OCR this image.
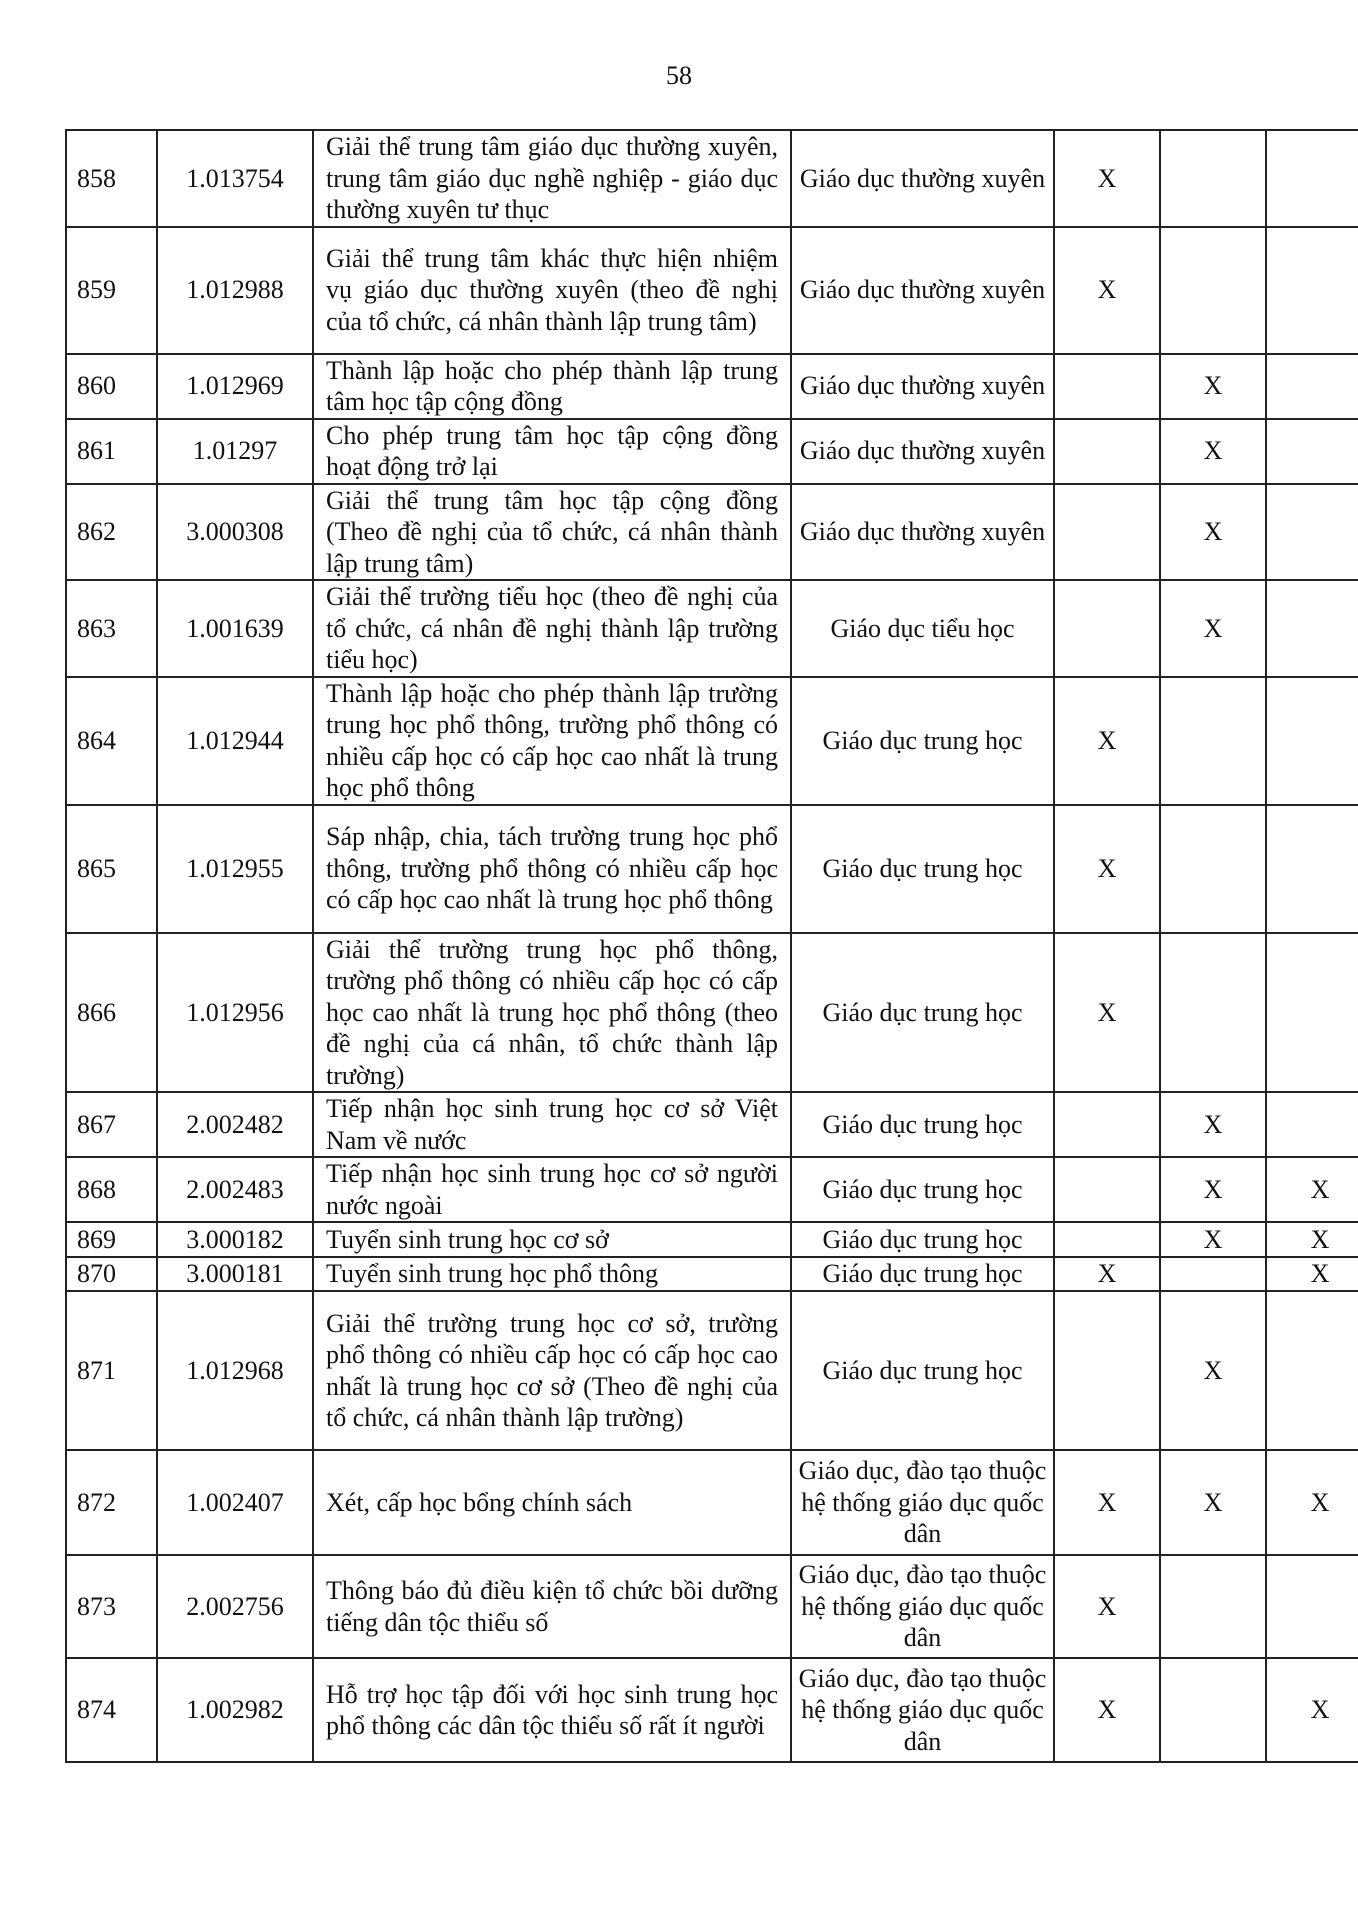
58
858	1.013754	Giải thể trung tâm giáo dục thường xuyên, trung tâm giáo dục nghề nghiệp - giáo dục thường xuyên tư thục	Giáo dục thường xuyên	X		
859	1.012988	Giải thể trung tâm khác thực hiện nhiệm vụ giáo dục thường xuyên (theo đề nghị của tổ chức, cá nhân thành lập trung tâm)	Giáo dục thường xuyên	X		
860	1.012969	Thành lập hoặc cho phép thành lập trung tâm học tập cộng đồng	Giáo dục thường xuyên		X	
861	1.01297	Cho phép trung tâm học tập cộng đồng hoạt động trở lại	Giáo dục thường xuyên		X	
862	3.000308	Giải thể trung tâm học tập cộng đồng (Theo đề nghị của tổ chức, cá nhân thành lập trung tâm)	Giáo dục thường xuyên		X	
863	1.001639	Giải thể trường tiểu học (theo đề nghị của tổ chức, cá nhân đề nghị thành lập trường tiểu học)	Giáo dục tiểu học		X	
864	1.012944	Thành lập hoặc cho phép thành lập trường trung học phổ thông, trường phổ thông có nhiều cấp học có cấp học cao nhất là trung học phổ thông	Giáo dục trung học	X		
865	1.012955	Sáp nhập, chia, tách trường trung học phổ thông, trường phổ thông có nhiều cấp học có cấp học cao nhất là trung học phổ thông	Giáo dục trung học	X		
866	1.012956	Giải thể trường trung học phổ thông, trường phổ thông có nhiều cấp học có cấp học cao nhất là trung học phổ thông (theo đề nghị của cá nhân, tổ chức thành lập trường)	Giáo dục trung học	X		
867	2.002482	Tiếp nhận học sinh trung học cơ sở Việt Nam về nước	Giáo dục trung học		X	
868	2.002483	Tiếp nhận học sinh trung học cơ sở người nước ngoài	Giáo dục trung học		X	X
869	3.000182	Tuyển sinh trung học cơ sở	Giáo dục trung học		X	X
870	3.000181	Tuyển sinh trung học phổ thông	Giáo dục trung học	X		X
871	1.012968	Giải thể trường trung học cơ sở, trường phổ thông có nhiều cấp học có cấp học cao nhất là trung học cơ sở (Theo đề nghị của tổ chức, cá nhân thành lập trường)	Giáo dục trung học		X	
872	1.002407	Xét, cấp học bổng chính sách	Giáo dục, đào tạo thuộc hệ thống giáo dục quốc dân	X	X	X
873	2.002756	Thông báo đủ điều kiện tổ chức bồi dưỡng tiếng dân tộc thiểu số	Giáo dục, đào tạo thuộc hệ thống giáo dục quốc dân	X		
874	1.002982	Hỗ trợ học tập đối với học sinh trung học phổ thông các dân tộc thiểu số rất ít người	Giáo dục, đào tạo thuộc hệ thống giáo dục quốc dân	X		X
